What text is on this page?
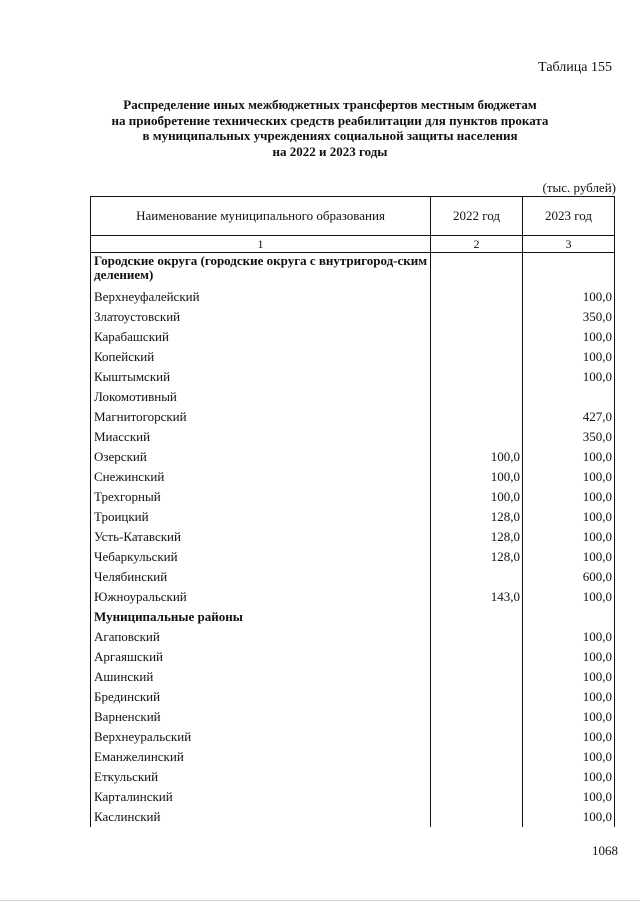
Таблица 155
Распределение иных межбюджетных трансфертов местным бюджетам
на приобретение технических средств реабилитации для пунктов проката
в муниципальных учреждениях социальной защиты населения
на 2022 и 2023 годы
(тыс. рублей)
Наименование муниципального образования	2022 год	2023 год
1	2	3
Городские округа (городские округа с внутригород-ским делением)		
Верхнеуфалейский		100,0
Златоустовский		350,0
Карабашский		100,0
Копейский		100,0
Кыштымский		100,0
Локомотивный		
Магнитогорский		427,0
Миасский		350,0
Озерский	100,0	100,0
Снежинский	100,0	100,0
Трехгорный	100,0	100,0
Троицкий	128,0	100,0
Усть-Катавский	128,0	100,0
Чебаркульский	128,0	100,0
Челябинский		600,0
Южноуральский	143,0	100,0
Муниципальные районы		
Агаповский		100,0
Аргаяшский		100,0
Ашинский		100,0
Брединский		100,0
Варненский		100,0
Верхнеуральский		100,0
Еманжелинский		100,0
Еткульский		100,0
Карталинский		100,0
Каслинский		100,0
1068
